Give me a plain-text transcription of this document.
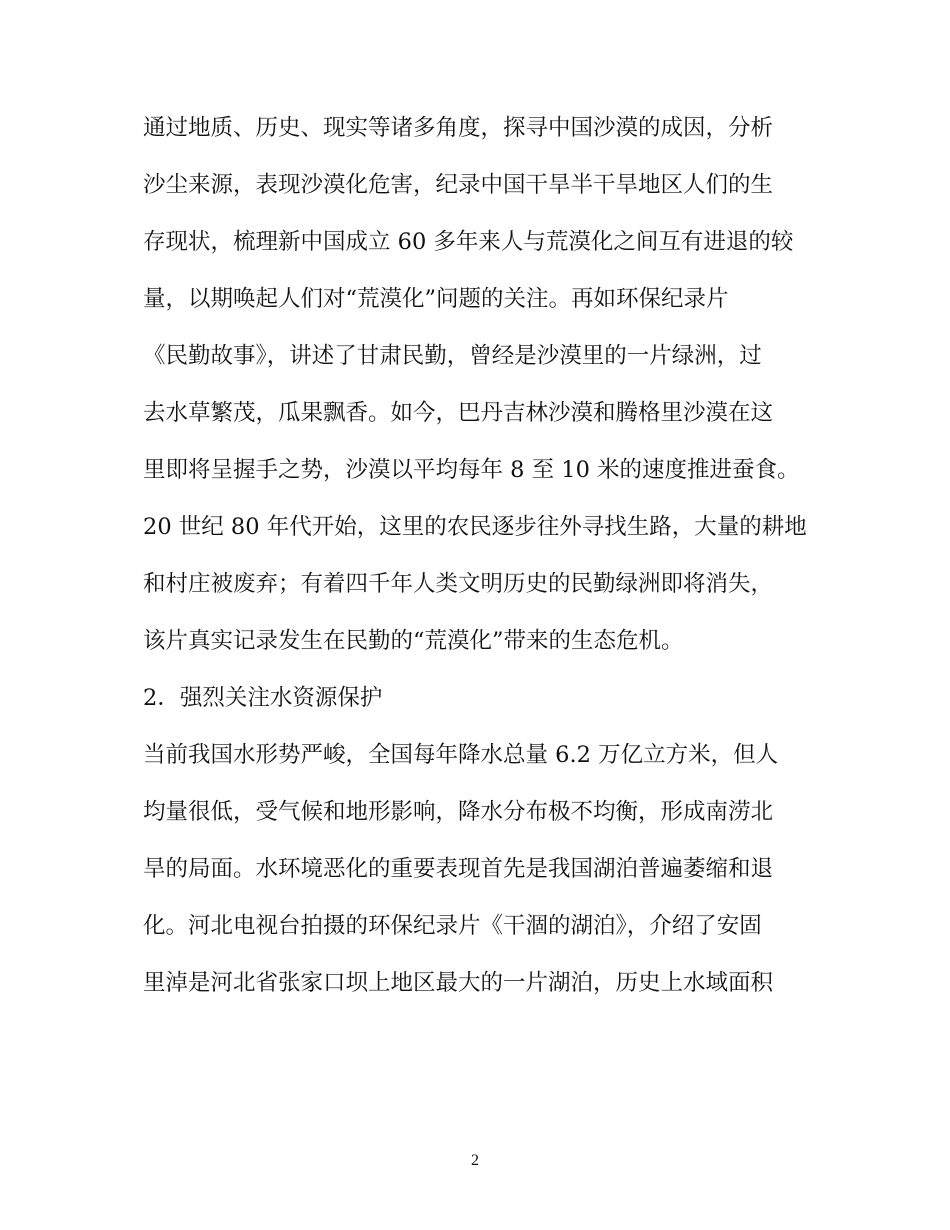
通过地质、历史、现实等诸多角度，探寻中国沙漠的成因，分析
沙尘来源，表现沙漠化危害，纪录中国干旱半干旱地区人们的生
存现状，梳理新中国成立 60 多年来人与荒漠化之间互有进退的较
量，以期唤起人们对“荒漠化”问题的关注。再如环保纪录片
《民勤故事》，讲述了甘肃民勤，曾经是沙漠里的一片绿洲，过
去水草繁茂，瓜果飘香。如今，巴丹吉林沙漠和腾格里沙漠在这
里即将呈握手之势，沙漠以平均每年 8 至 10 米的速度推进蚕食。
20 世纪 80 年代开始，这里的农民逐步往外寻找生路，大量的耕地
和村庄被废弃；有着四千年人类文明历史的民勤绿洲即将消失，
该片真实记录发生在民勤的“荒漠化”带来的生态危机。
2．强烈关注水资源保护
当前我国水形势严峻，全国每年降水总量 6.2 万亿立方米，但人
均量很低，受气候和地形影响，降水分布极不均衡，形成南涝北
旱的局面。水环境恶化的重要表现首先是我国湖泊普遍萎缩和退
化。河北电视台拍摄的环保纪录片《干涸的湖泊》，介绍了安固
里淖是河北省张家口坝上地区最大的一片湖泊，历史上水域面积
2
